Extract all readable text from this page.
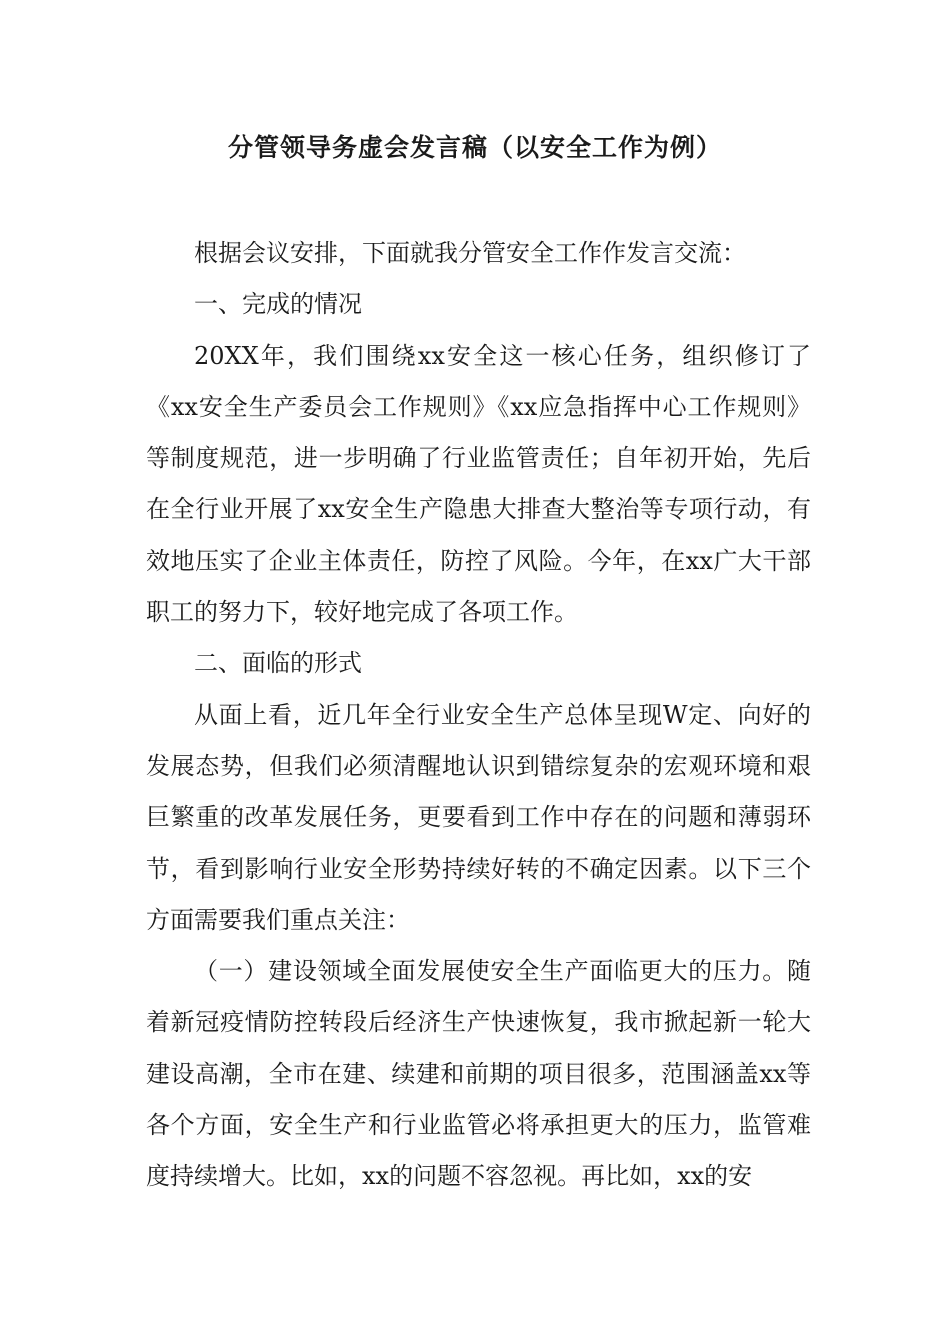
分管领导务虚会发言稿（以安全工作为例）

根据会议安排，下面就我分管安全工作作发言交流：

一、完成的情况

20XX年，我们围绕xx安全这一核心任务，组织修订了《xx安全生产委员会工作规则》《xx应急指挥中心工作规则》等制度规范，进一步明确了行业监管责任；自年初开始，先后在全行业开展了xx安全生产隐患大排查大整治等专项行动，有效地压实了企业主体责任，防控了风险。今年，在xx广大干部职工的努力下，较好地完成了各项工作。

二、面临的形式

从面上看，近几年全行业安全生产总体呈现W定、向好的发展态势，但我们必须清醒地认识到错综复杂的宏观环境和艰巨繁重的改革发展任务，更要看到工作中存在的问题和薄弱环节，看到影响行业安全形势持续好转的不确定因素。以下三个方面需要我们重点关注：

（一）建设领域全面发展使安全生产面临更大的压力。随着新冠疫情防控转段后经济生产快速恢复，我市掀起新一轮大建设高潮，全市在建、续建和前期的项目很多，范围涵盖xx等各个方面，安全生产和行业监管必将承担更大的压力，监管难度持续增大。比如，xx的问题不容忽视。再比如，xx的安
